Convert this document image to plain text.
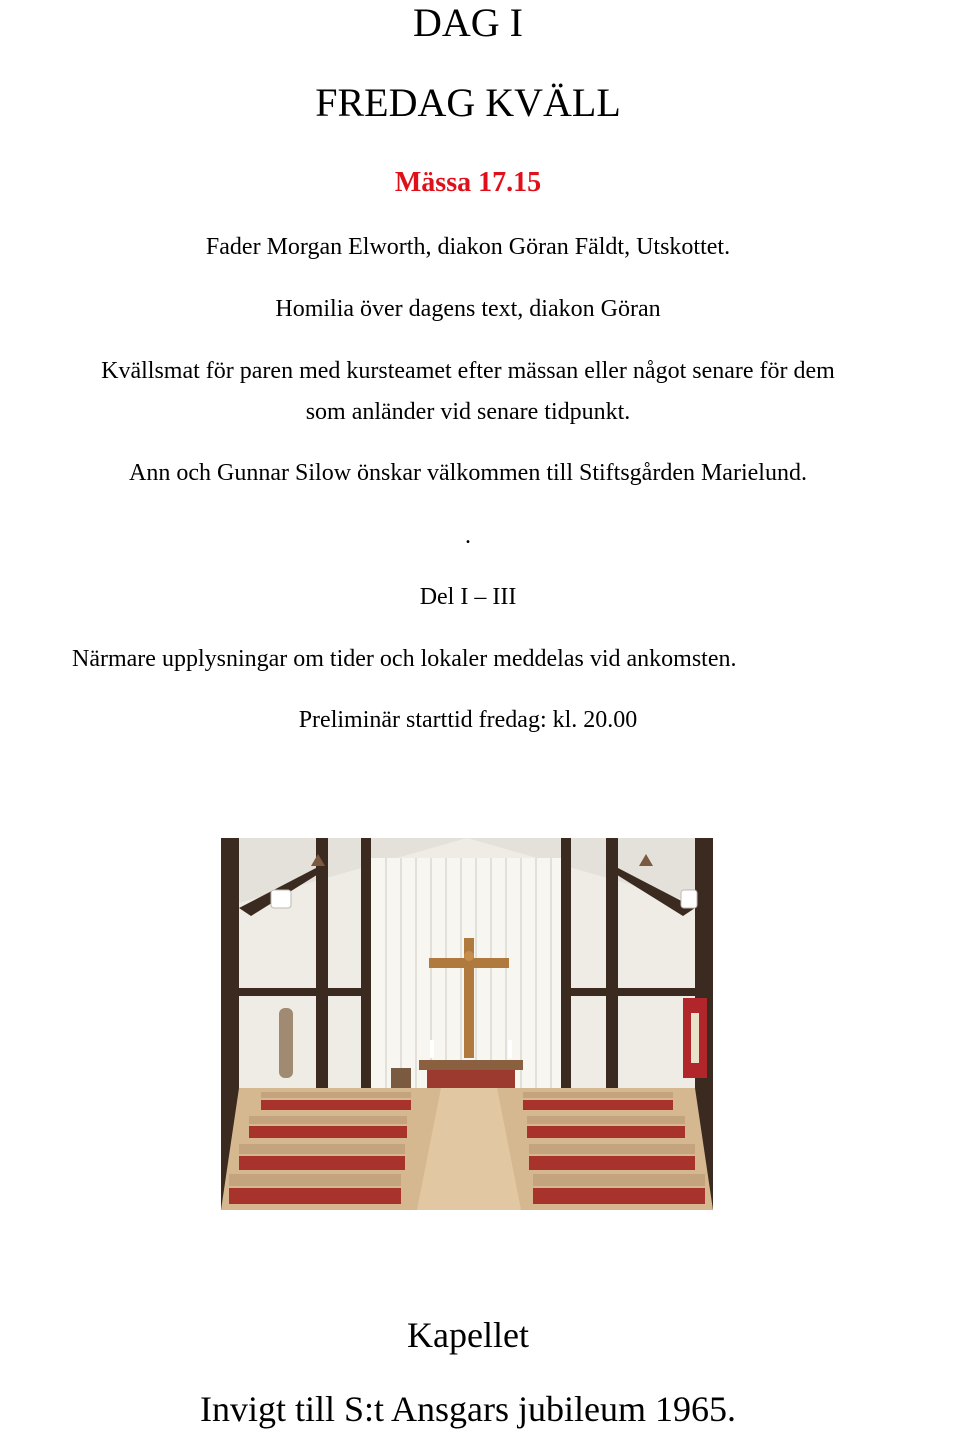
DAG I
FREDAG KVÄLL
Mässa 17.15
Fader Morgan Elworth, diakon Göran Fäldt, Utskottet.
Homilia över dagens text, diakon Göran
Kvällsmat för paren med kursteamet efter mässan eller något senare för dem
som anländer vid senare tidpunkt.
Ann och Gunnar Silow önskar välkommen till Stiftsgården Marielund.
.
Del I – III
Närmare upplysningar om tider och lokaler meddelas vid ankomsten.
Preliminär starttid fredag: kl. 20.00
Kapellet
Invigt till S:t Ansgars jubileum 1965.
